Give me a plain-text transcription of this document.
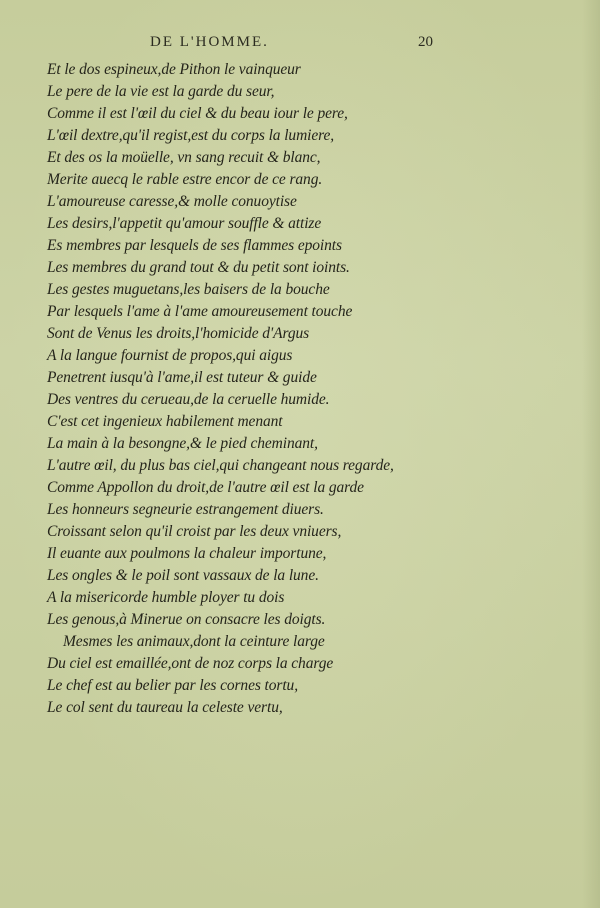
DE L'HOMME.	20
Et le dos espineux,de Pithon le vainqueur
Le pere de la vie est la garde du seur,
Comme il est l'œil du ciel & du beau iour le pere,
L'œil dextre,qu'il regist,est du corps la lumiere,
Et des os la moüelle, vn sang recuit & blanc,
Merite auecq le rable estre encor de ce rang.
L'amoureuse caresse,& molle conuoytise
Les desirs,l'appetit qu'amour souffle & attize
Es membres par lesquels de ses flammes epoints
Les membres du grand tout & du petit sont ioints.
Les gestes muguetans,les baisers de la bouche
Par lesquels l'ame à l'ame amoureusement touche
Sont de Venus les droits,l'homicide d'Argus
A la langue fournist de propos,qui aigus
Penetrent iusqu'à l'ame,il est tuteur & guide
Des ventres du cerueau,de la ceruelle humide.
C'est cet ingenieux habilement menant
La main à la besongne,& le pied cheminant,
L'autre œil, du plus bas ciel,qui changeant nous regarde,
Comme Appollon du droit,de l'autre œil est la garde
Les honneurs segneurie estrangement diuers.
Croissant selon qu'il croist par les deux vniuers,
Il euante aux poulmons la chaleur importune,
Les ongles & le poil sont vassaux de la lune.
A la misericorde humble ployer tu dois
Les genous,à Minerue on consacre les doigts.
Mesmes les animaux,dont la ceinture large
Du ciel est emaillée,ont de noz corps la charge
Le chef est au belier par les cornes tortu,
Le col sent du taureau la celeste vertu,
